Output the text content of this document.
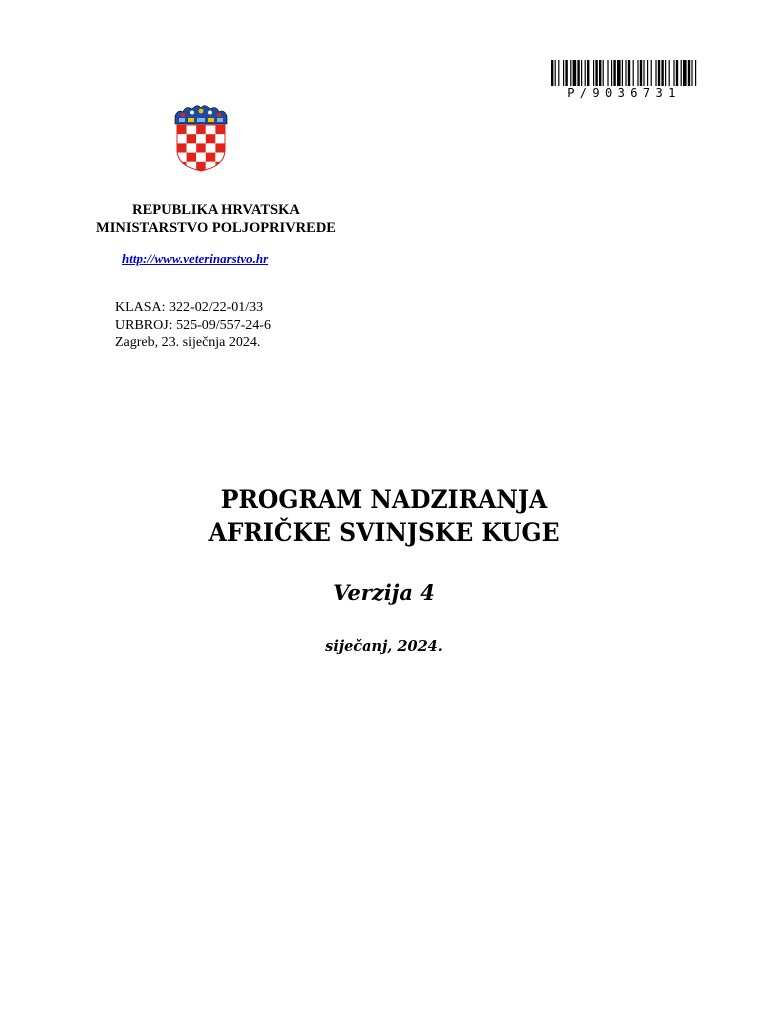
P/9036731
REPUBLIKA HRVATSKA
MINISTARSTVO POLJOPRIVREDE
http://www.veterinarstvo.hr
KLASA: 322-02/22-01/33
URBROJ: 525-09/557-24-6
Zagreb, 23. siječnja 2024.
PROGRAM NADZIRANJA
AFRIČKE SVINJSKE KUGE
Verzija 4
siječanj, 2024.
